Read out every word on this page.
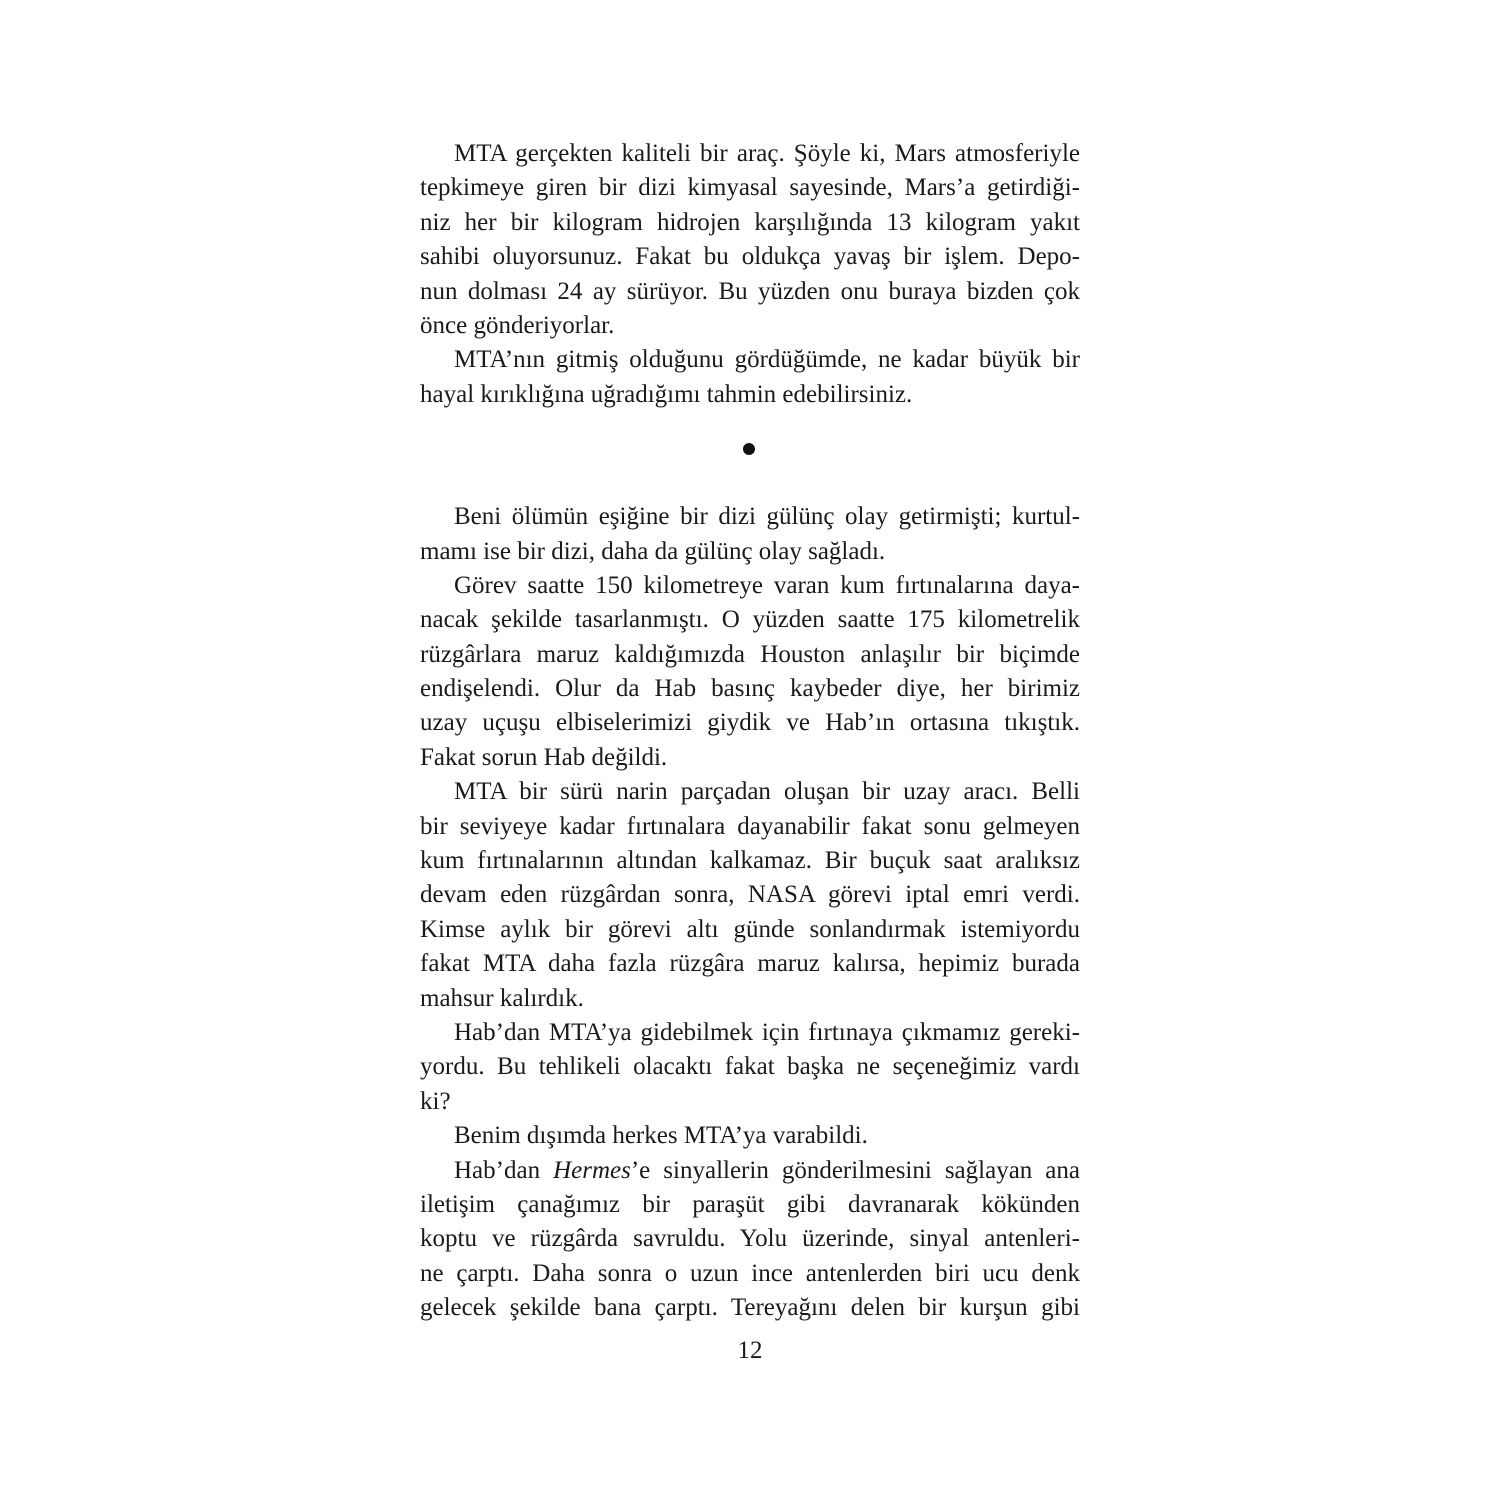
MTA gerçekten kaliteli bir araç. Şöyle ki, Mars atmosferiyle
tepkimeye giren bir dizi kimyasal sayesinde, Mars’a getirdiği-
niz her bir kilogram hidrojen karşılığında 13 kilogram yakıt
sahibi oluyorsunuz. Fakat bu oldukça yavaş bir işlem. Depo-
nun dolması 24 ay sürüyor. Bu yüzden onu buraya bizden çok
önce gönderiyorlar.
MTA’nın gitmiş olduğunu gördüğümde, ne kadar büyük bir
hayal kırıklığına uğradığımı tahmin edebilirsiniz.
Beni ölümün eşiğine bir dizi gülünç olay getirmişti; kurtul-
mamı ise bir dizi, daha da gülünç olay sağladı.
Görev saatte 150 kilometreye varan kum fırtınalarına daya-
nacak şekilde tasarlanmıştı. O yüzden saatte 175 kilometrelik
rüzgârlara maruz kaldığımızda Houston anlaşılır bir biçimde
endişelendi. Olur da Hab basınç kaybeder diye, her birimiz
uzay uçuşu elbiselerimizi giydik ve Hab’ın ortasına tıkıştık.
Fakat sorun Hab değildi.
MTA bir sürü narin parçadan oluşan bir uzay aracı. Belli
bir seviyeye kadar fırtınalara dayanabilir fakat sonu gelmeyen
kum fırtınalarının altından kalkamaz. Bir buçuk saat aralıksız
devam eden rüzgârdan sonra, NASA görevi iptal emri verdi.
Kimse aylık bir görevi altı günde sonlandırmak istemiyordu
fakat MTA daha fazla rüzgâra maruz kalırsa, hepimiz burada
mahsur kalırdık.
Hab’dan MTA’ya gidebilmek için fırtınaya çıkmamız gereki-
yordu. Bu tehlikeli olacaktı fakat başka ne seçeneğimiz vardı
ki?
Benim dışımda herkes MTA’ya varabildi.
Hab’dan Hermes’e sinyallerin gönderilmesini sağlayan ana
iletişim çanağımız bir paraşüt gibi davranarak kökünden
koptu ve rüzgârda savruldu. Yolu üzerinde, sinyal antenleri-
ne çarptı. Daha sonra o uzun ince antenlerden biri ucu denk
gelecek şekilde bana çarptı. Tereyağını delen bir kurşun gibi
12
